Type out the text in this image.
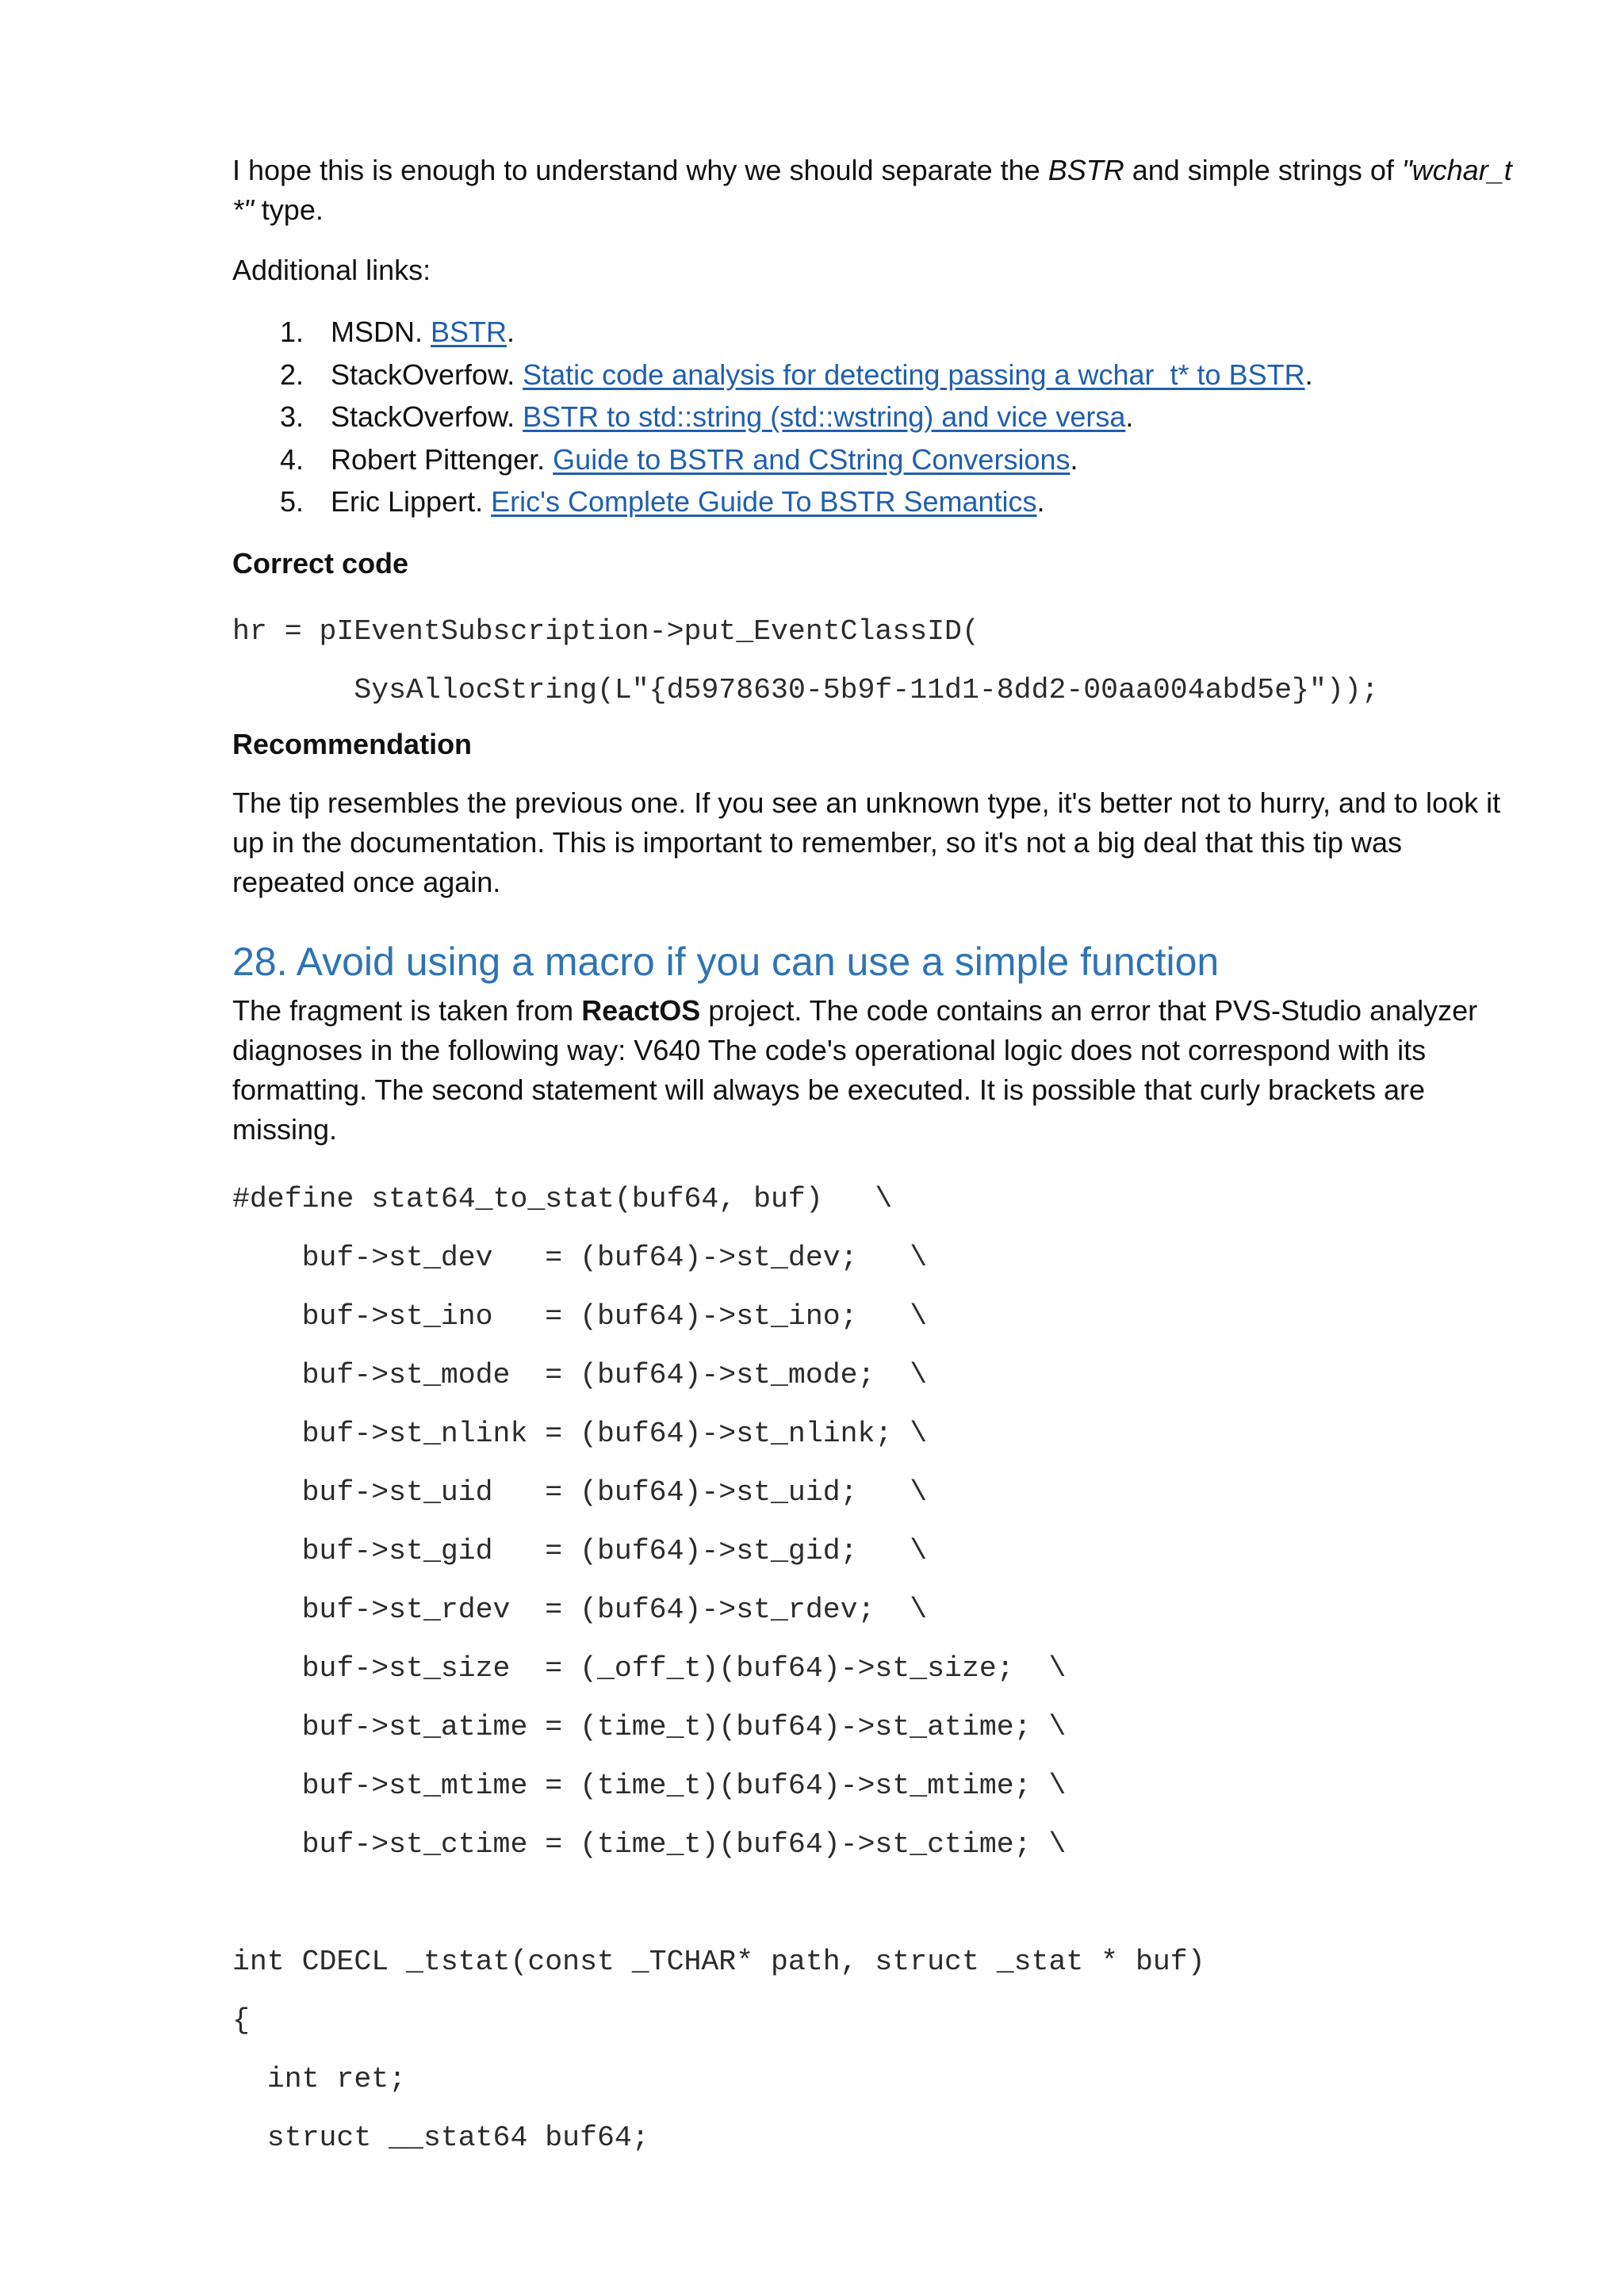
I hope this is enough to understand why we should separate the BSTR and simple strings of "wchar_t *" type.

Additional links:

1. MSDN. BSTR.
2. StackOverfow. Static code analysis for detecting passing a wchar_t* to BSTR.
3. StackOverfow. BSTR to std::string (std::wstring) and vice versa.
4. Robert Pittenger. Guide to BSTR and CString Conversions.
5. Eric Lippert. Eric's Complete Guide To BSTR Semantics.

Correct code

hr = pIEventSubscription->put_EventClassID(
SysAllocString(L"{d5978630-5b9f-11d1-8dd2-00aa004abd5e}"));

Recommendation

The tip resembles the previous one. If you see an unknown type, it's better not to hurry, and to look it up in the documentation. This is important to remember, so it's not a big deal that this tip was repeated once again.

28. Avoid using a macro if you can use a simple function

The fragment is taken from ReactOS project. The code contains an error that PVS-Studio analyzer diagnoses in the following way: V640 The code's operational logic does not correspond with its formatting. The second statement will always be executed. It is possible that curly brackets are missing.

#define stat64_to_stat(buf64, buf)   \
buf->st_dev   = (buf64)->st_dev;   \
buf->st_ino   = (buf64)->st_ino;   \
buf->st_mode  = (buf64)->st_mode;  \
buf->st_nlink = (buf64)->st_nlink; \
buf->st_uid   = (buf64)->st_uid;   \
buf->st_gid   = (buf64)->st_gid;   \
buf->st_rdev  = (buf64)->st_rdev;  \
buf->st_size  = (_off_t)(buf64)->st_size;  \
buf->st_atime = (time_t)(buf64)->st_atime; \
buf->st_mtime = (time_t)(buf64)->st_mtime; \
buf->st_ctime = (time_t)(buf64)->st_ctime; \
int CDECL _tstat(const _TCHAR* path, struct _stat * buf)
{
int ret;
struct __stat64 buf64;
